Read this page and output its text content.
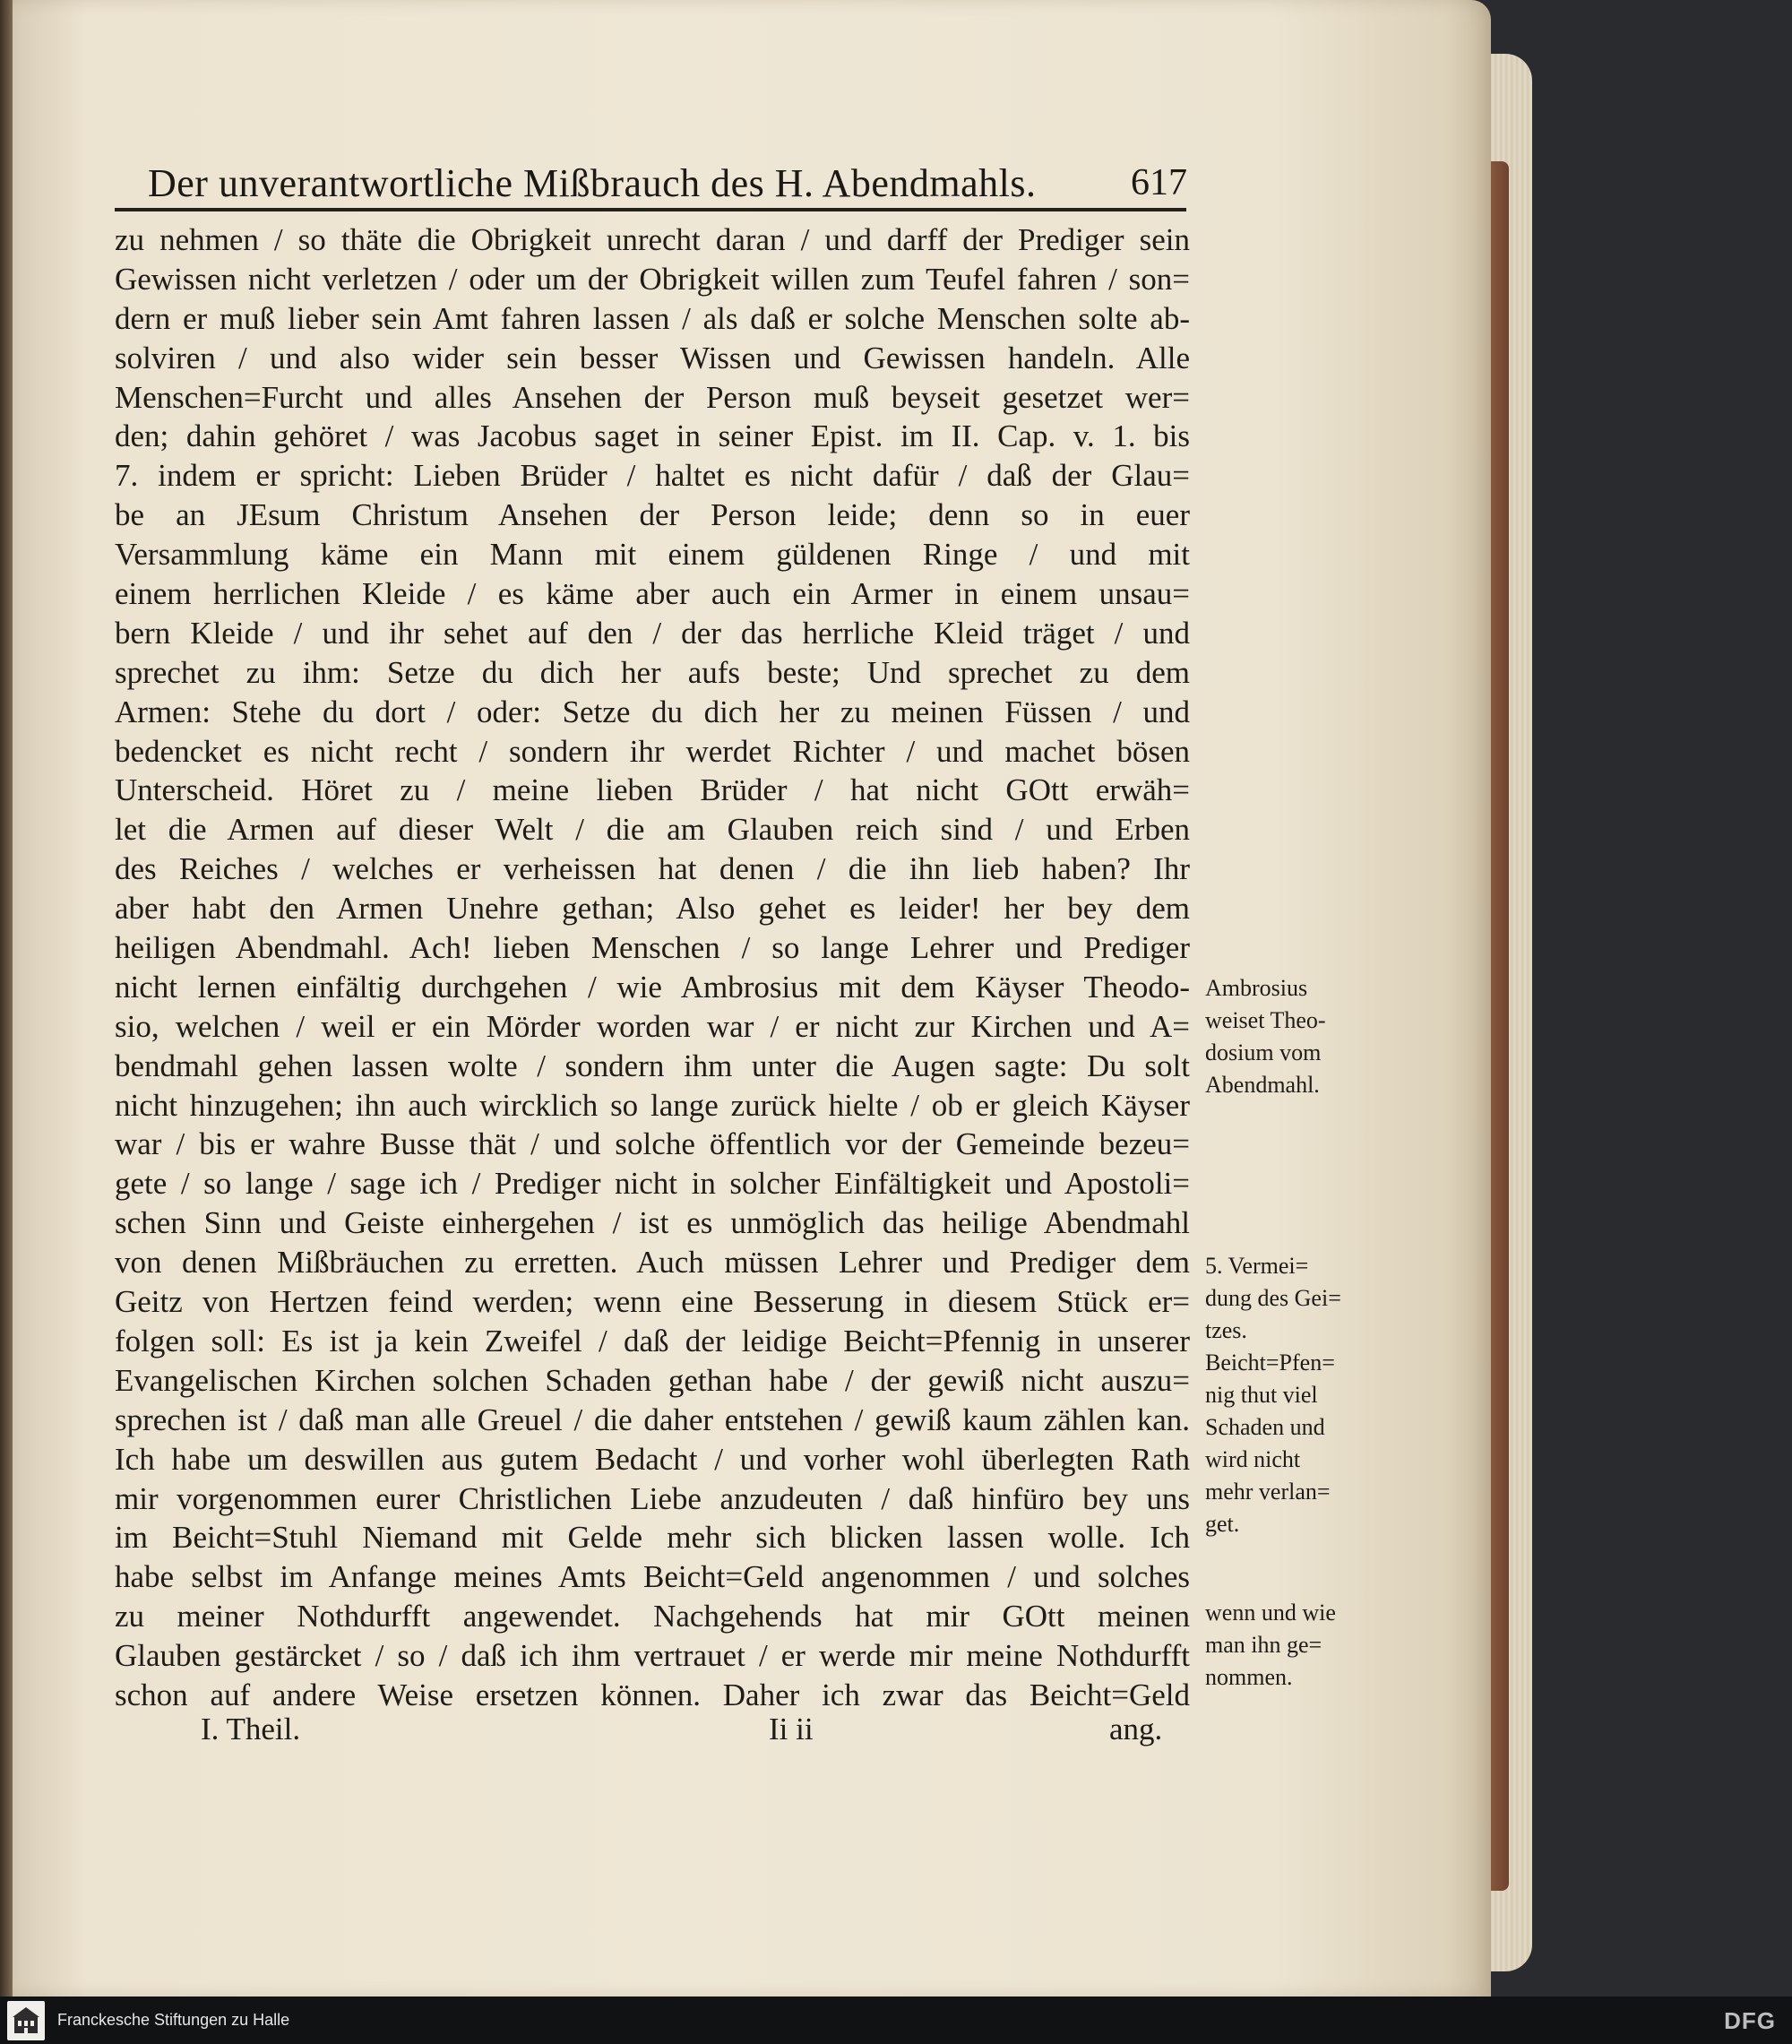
Der unverantwortliche Mißbrauch des H. Abendmahls.	617
zu nehmen / so thäte die Obrigkeit unrecht daran / und darff der Prediger sein
Gewissen nicht verletzen / oder um der Obrigkeit willen zum Teufel fahren / son=
dern er muß lieber sein Amt fahren lassen / als daß er solche Menschen solte ab-
solviren / und also wider sein besser Wissen und Gewissen handeln. Alle
Menschen=Furcht und alles Ansehen der Person muß beyseit gesetzet wer=
den; dahin gehöret / was Jacobus saget in seiner Epist. im II. Cap. v. 1. bis
7. indem er spricht: Lieben Brüder / haltet es nicht dafür / daß der Glau=
be an JEsum Christum Ansehen der Person leide; denn so in euer
Versammlung käme ein Mann mit einem güldenen Ringe / und mit
einem herrlichen Kleide / es käme aber auch ein Armer in einem unsau=
bern Kleide / und ihr sehet auf den / der das herrliche Kleid träget / und
sprechet zu ihm: Setze du dich her aufs beste; Und sprechet zu dem
Armen: Stehe du dort / oder: Setze du dich her zu meinen Füssen / und
bedencket es nicht recht / sondern ihr werdet Richter / und machet bösen
Unterscheid. Höret zu / meine lieben Brüder / hat nicht GOtt erwäh=
let die Armen auf dieser Welt / die am Glauben reich sind / und Erben
des Reiches / welches er verheissen hat denen / die ihn lieb haben? Ihr
aber habt den Armen Unehre gethan; Also gehet es leider! her bey dem
heiligen Abendmahl. Ach! lieben Menschen / so lange Lehrer und Prediger
nicht lernen einfältig durchgehen / wie Ambrosius mit dem Käyser Theodo-
sio, welchen / weil er ein Mörder worden war / er nicht zur Kirchen und A=
bendmahl gehen lassen wolte / sondern ihm unter die Augen sagte: Du solt
nicht hinzugehen; ihn auch wircklich so lange zurück hielte / ob er gleich Käyser
war / bis er wahre Busse thät / und solche öffentlich vor der Gemeinde bezeu=
gete / so lange / sage ich / Prediger nicht in solcher Einfältigkeit und Apostoli=
schen Sinn und Geiste einhergehen / ist es unmöglich das heilige Abendmahl
von denen Mißbräuchen zu erretten. Auch müssen Lehrer und Prediger dem
Geitz von Hertzen feind werden; wenn eine Besserung in diesem Stück er=
folgen soll: Es ist ja kein Zweifel / daß der leidige Beicht=Pfennig in unserer
Evangelischen Kirchen solchen Schaden gethan habe / der gewiß nicht auszu=
sprechen ist / daß man alle Greuel / die daher entstehen / gewiß kaum zählen kan.
Ich habe um deswillen aus gutem Bedacht / und vorher wohl überlegten Rath
mir vorgenommen eurer Christlichen Liebe anzudeuten / daß hinfüro bey uns
im Beicht=Stuhl Niemand mit Gelde mehr sich blicken lassen wolle. Ich
habe selbst im Anfange meines Amts Beicht=Geld angenommen / und solches
zu meiner Nothdurfft angewendet. Nachgehends hat mir GOtt meinen
Glauben gestärcket / so / daß ich ihm vertrauet / er werde mir meine Nothdurfft
schon auf andere Weise ersetzen können. Daher ich zwar das Beicht=Geld
Ambrosius
weiset Theo-
dosium vom
Abendmahl.
5. Vermei=
dung des Gei=
tzes.
Beicht=Pfen=
nig thut viel
Schaden und
wird nicht
mehr verlan=
get.
wenn und wie
man ihn ge=
nommen.
I. Theil.	Ii ii	ang.
Franckesche Stiftungen zu Halle	DFG
